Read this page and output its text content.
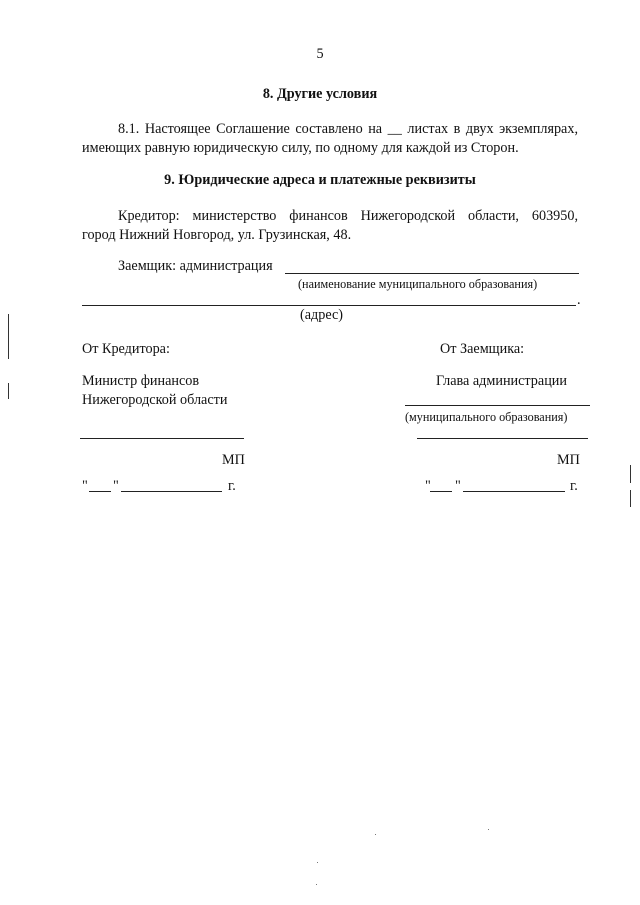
5
8. Другие условия
8.1. Настоящее Соглашение составлено на __ листах в двух экземплярах,
имеющих равную юридическую силу, по одному для каждой из Сторон.
9. Юридические адреса и платежные реквизиты
Кредитор: министерство финансов Нижегородской области, 603950,
город Нижний Новгород, ул. Грузинская, 48.
Заемщик: администрация
(наименование муниципального образования)
.
(адрес)
От Кредитора:
Министр финансов
Нижегородской области
МП
" "	г.
От Заемщика:
Глава администрации
(муниципального образования)
МП
" "	г.
